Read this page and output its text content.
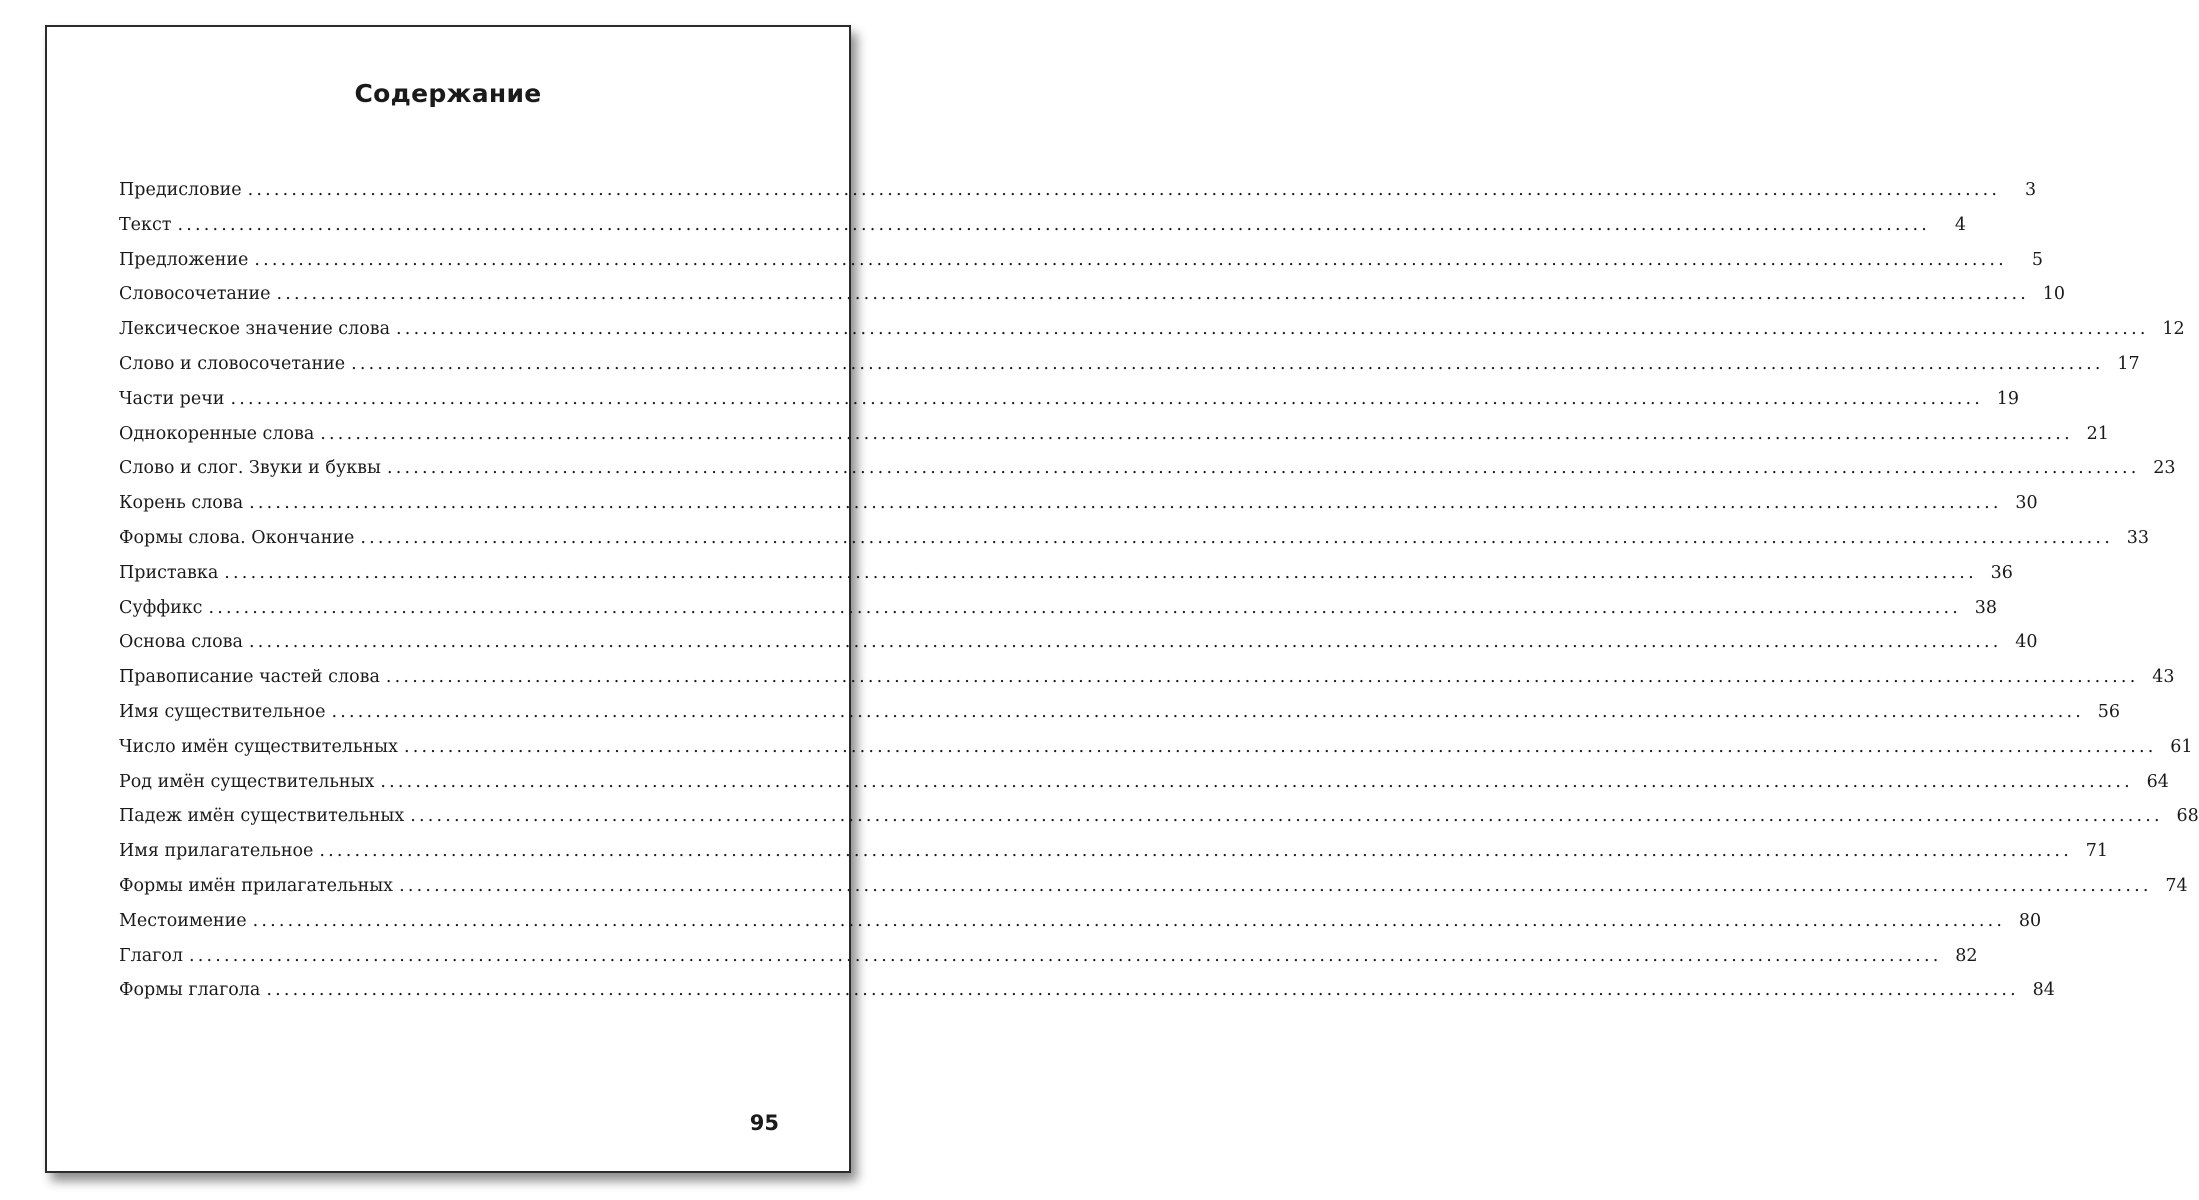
Содержание
Предисловие ........................................................................................................................................................................................................	3
Текст ........................................................................................................................................................................................................	4
Предложение ........................................................................................................................................................................................................	5
Словосочетание ........................................................................................................................................................................................................ 10
Лексическое значение слова ........................................................................................................................................................................................................ 12
Слово и словосочетание ........................................................................................................................................................................................................ 17
Части речи ........................................................................................................................................................................................................ 19
Однокоренные слова ........................................................................................................................................................................................................ 21
Слово и слог. Звуки и буквы ........................................................................................................................................................................................................ 23
Корень слова ........................................................................................................................................................................................................ 30
Формы слова. Окончание ........................................................................................................................................................................................................ 33
Приставка ........................................................................................................................................................................................................ 36
Суффикс ........................................................................................................................................................................................................ 38
Основа слова ........................................................................................................................................................................................................ 40
Правописание частей слова ........................................................................................................................................................................................................ 43
Имя существительное ........................................................................................................................................................................................................ 56
Число имён существительных ........................................................................................................................................................................................................ 61
Род имён существительных ........................................................................................................................................................................................................ 64
Падеж имён существительных ........................................................................................................................................................................................................ 68
Имя прилагательное ........................................................................................................................................................................................................ 71
Формы имён прилагательных ........................................................................................................................................................................................................ 74
Местоимение ........................................................................................................................................................................................................ 80
Глагол ........................................................................................................................................................................................................ 82
Формы глагола ........................................................................................................................................................................................................ 84
95
